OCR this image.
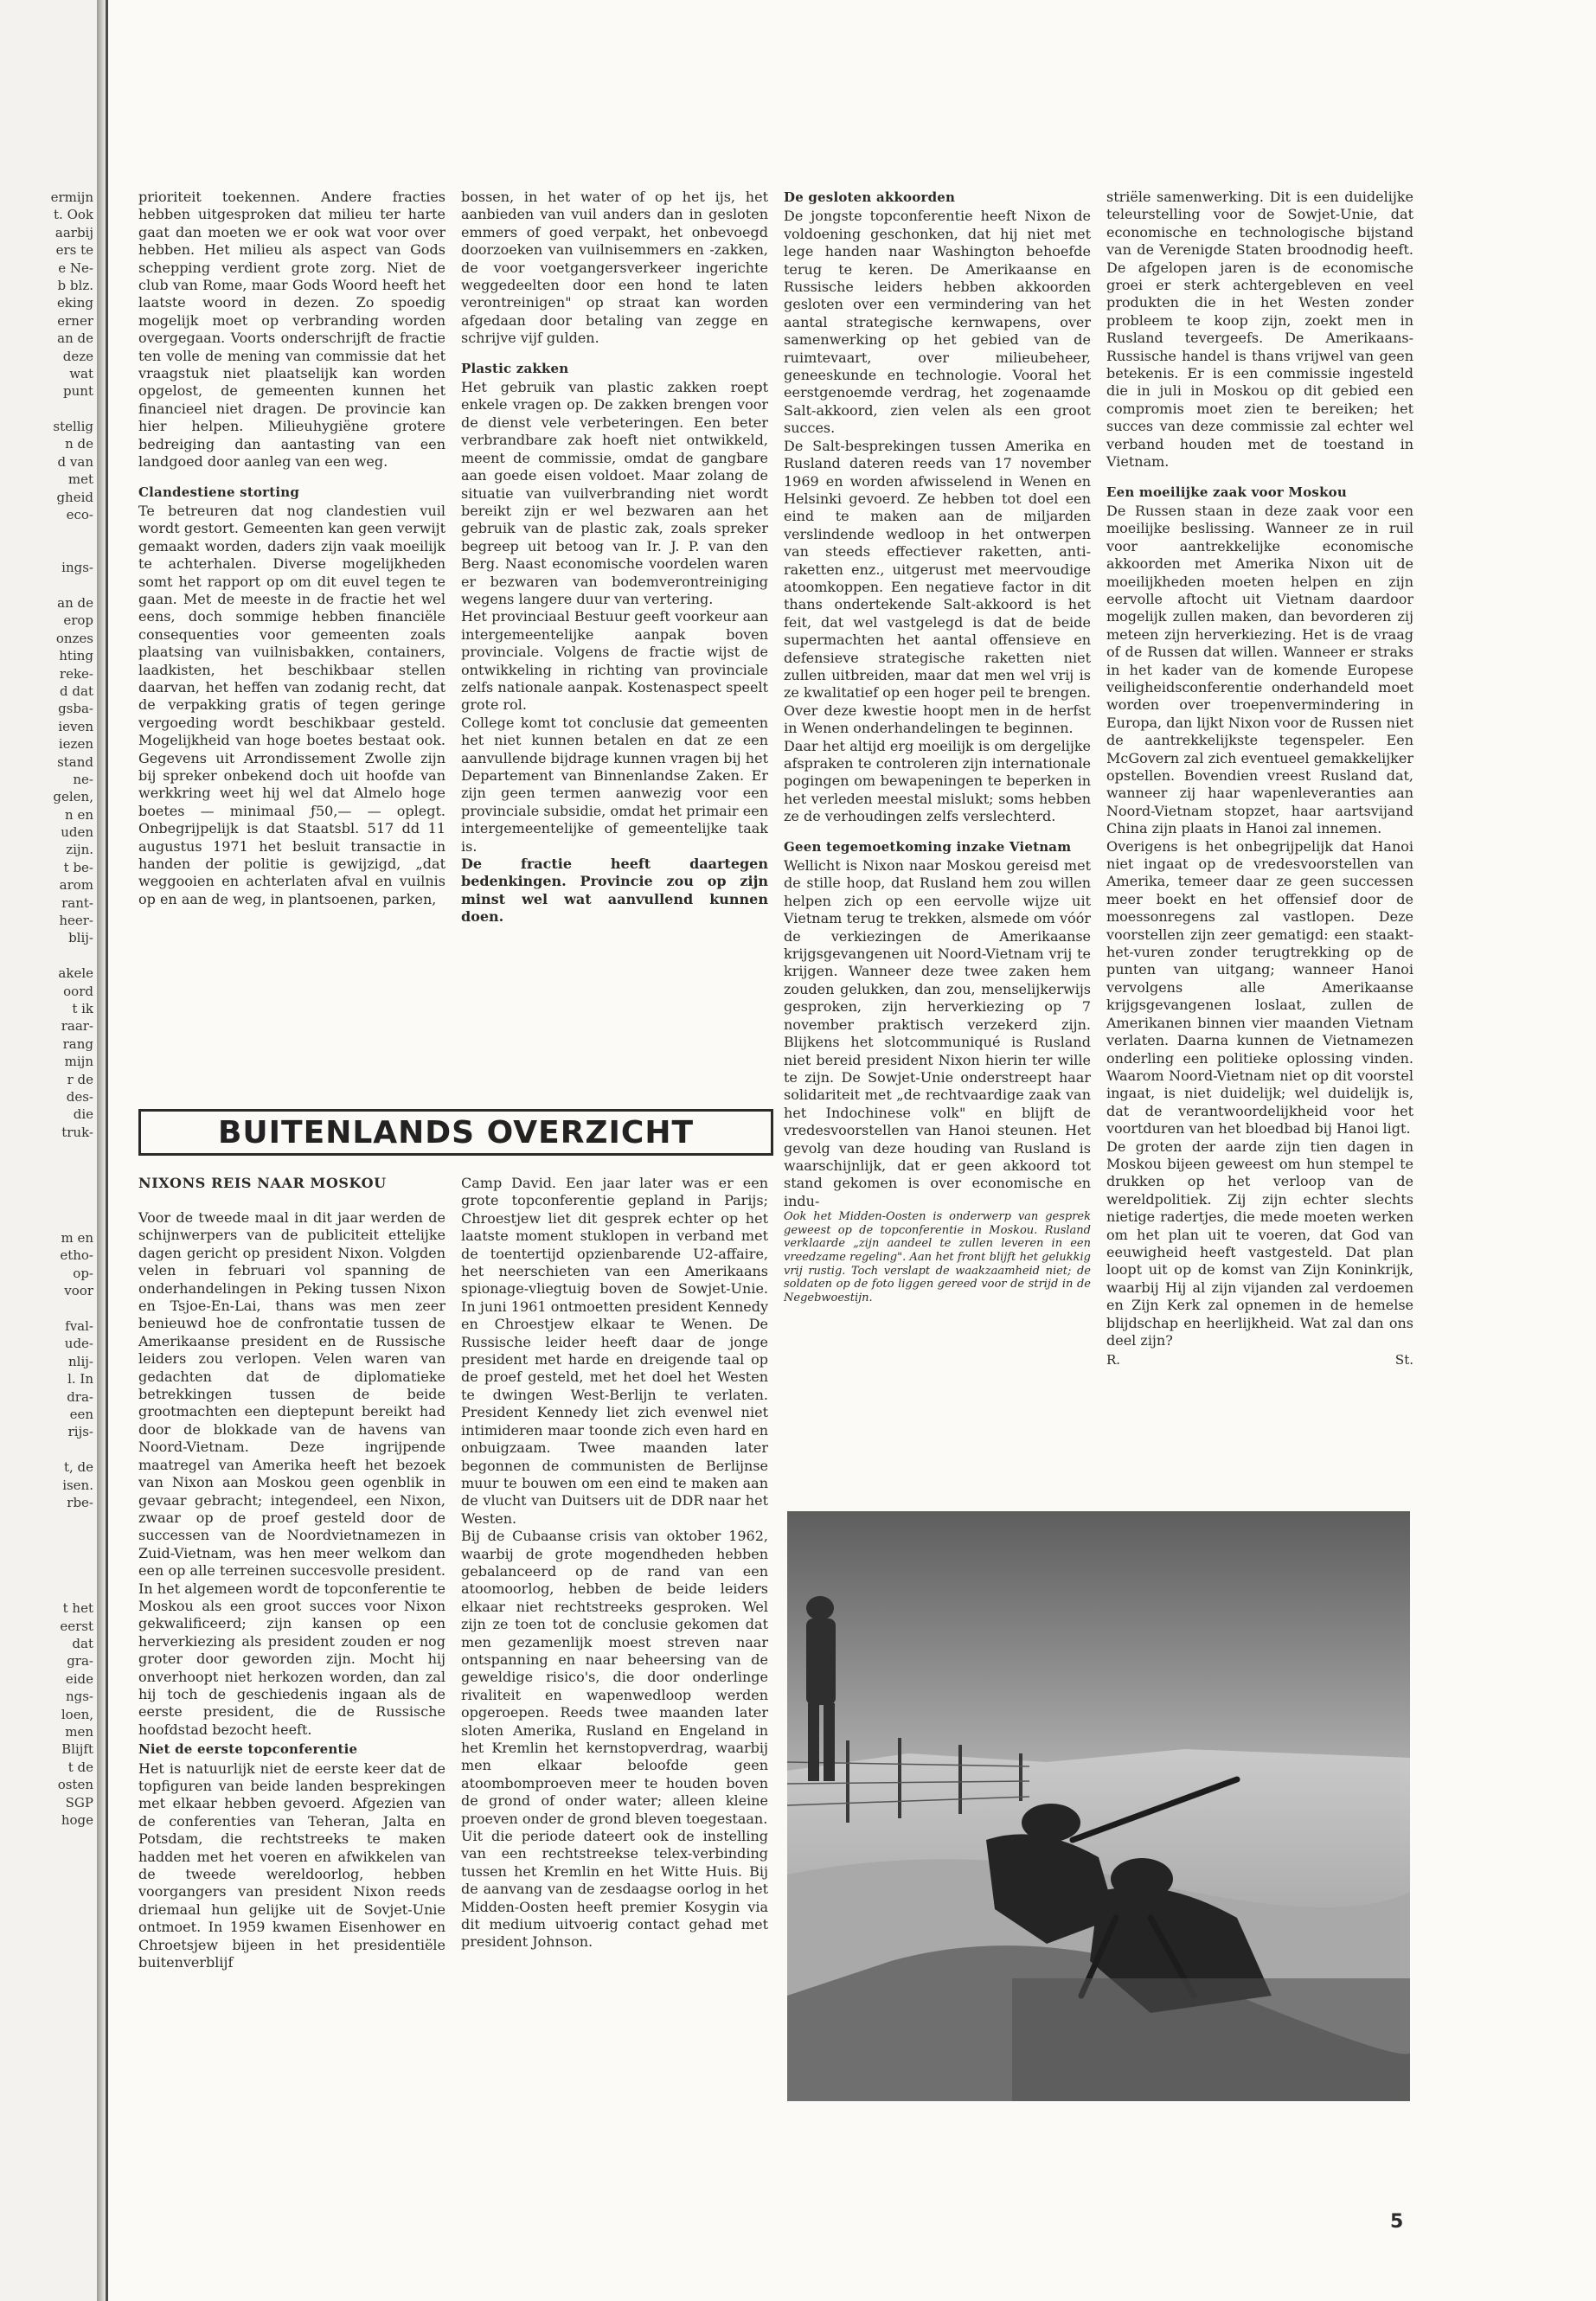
ermijn
t. Ook
aarbij
ers te
e Ne-
b blz.
eking
erner
an de
deze
wat
punt
stellig
n de
d van
met
gheid
eco-
ings-
an de
erop
onzes
hting
reke-
d dat
gsba-
ieven
iezen
stand
ne-
gelen,
n en
uden
zijn.
t be-
arom
rant-
heer-
blij-
akele
oord
t ik
raar-
rang
mijn
r de
des-
die
truk-
m en
etho-
op-
voor
fval-
ude-
nlij-
l. In
dra-
een
rijs-
t, de
isen.
rbe-
t het
eerst
dat
gra-
eide
ngs-
loen,
men
Blijft
t de
osten
SGP
hoge

prioriteit toekennen. Andere fracties hebben uitgesproken dat milieu ter harte gaat dan moeten we er ook wat voor over hebben. Het milieu als aspect van Gods schepping verdient grote zorg. Niet de club van Rome, maar Gods Woord heeft het laatste woord in dezen. Zo spoedig mogelijk moet op verbranding worden overgegaan. Voorts onderschrijft de fractie ten volle de mening van commissie dat het vraagstuk niet plaatselijk kan worden opgelost, de gemeenten kunnen het financieel niet dragen. De provincie kan hier helpen. Milieuhygiëne grotere bedreiging dan aantasting van een landgoed door aanleg van een weg.

Clandestiene storting

Te betreuren dat nog clandestien vuil wordt gestort. Gemeenten kan geen verwijt gemaakt worden, daders zijn vaak moeilijk te achterhalen. Diverse mogelijkheden somt het rapport op om dit euvel tegen te gaan. Met de meeste in de fractie het wel eens, doch sommige hebben financiële consequenties voor gemeenten zoals plaatsing van vuilnisbakken, containers, laadkisten, het beschikbaar stellen daarvan, het heffen van zodanig recht, dat de verpakking gratis of tegen geringe vergoeding wordt beschikbaar gesteld. Mogelijkheid van hoge boetes bestaat ook. Gegevens uit Arrondissement Zwolle zijn bij spreker onbekend doch uit hoofde van werkkring weet hij wel dat Almelo hoge boetes — minimaal ƒ50,— — oplegt. Onbegrijpelijk is dat Staatsbl. 517 dd 11 augustus 1971 het besluit transactie in handen der politie is gewijzigd, „dat weggooien en achterlaten afval en vuilnis op en aan de weg, in plantsoenen, parken,

bossen, in het water of op het ijs, het aanbieden van vuil anders dan in gesloten emmers of goed verpakt, het onbevoegd doorzoeken van vuilnisemmers en -zakken, de voor voetgangersverkeer ingerichte weggedeelten door een hond te laten verontreinigen" op straat kan worden afgedaan door betaling van zegge en schrijve vijf gulden.

Plastic zakken

Het gebruik van plastic zakken roept enkele vragen op. De zakken brengen voor de dienst vele verbeteringen. Een beter verbrandbare zak hoeft niet ontwikkeld, meent de commissie, omdat de gangbare aan goede eisen voldoet. Maar zolang de situatie van vuilverbranding niet wordt bereikt zijn er wel bezwaren aan het gebruik van de plastic zak, zoals spreker begreep uit betoog van Ir. J. P. van den Berg. Naast economische voordelen waren er bezwaren van bodemverontreiniging wegens langere duur van vertering.

Het provinciaal Bestuur geeft voorkeur aan intergemeentelijke aanpak boven provinciale. Volgens de fractie wijst de ontwikkeling in richting van provinciale zelfs nationale aanpak. Kostenaspect speelt grote rol.

College komt tot conclusie dat gemeenten het niet kunnen betalen en dat ze een aanvullende bijdrage kunnen vragen bij het Departement van Binnenlandse Zaken. Er zijn geen termen aanwezig voor een provinciale subsidie, omdat het primair een intergemeentelijke of gemeentelijke taak is.

De fractie heeft daartegen bedenkingen. Provincie zou op zijn minst wel wat aanvullend kunnen doen.

De gesloten akkoorden

De jongste topconferentie heeft Nixon de voldoening geschonken, dat hij niet met lege handen naar Washington behoefde terug te keren. De Amerikaanse en Russische leiders hebben akkoorden gesloten over een vermindering van het aantal strategische kernwapens, over samenwerking op het gebied van de ruimtevaart, over milieubeheer, geneeskunde en technologie. Vooral het eerstgenoemde verdrag, het zogenaamde Salt-akkoord, zien velen als een groot succes.

De Salt-besprekingen tussen Amerika en Rusland dateren reeds van 17 november 1969 en worden afwisselend in Wenen en Helsinki gevoerd. Ze hebben tot doel een eind te maken aan de miljarden verslindende wedloop in het ontwerpen van steeds effectiever raketten, anti-raketten enz., uitgerust met meervoudige atoomkoppen. Een negatieve factor in dit thans ondertekende Salt-akkoord is het feit, dat wel vastgelegd is dat de beide supermachten het aantal offensieve en defensieve strategische raketten niet zullen uitbreiden, maar dat men wel vrij is ze kwalitatief op een hoger peil te brengen. Over deze kwestie hoopt men in de herfst in Wenen onderhandelingen te beginnen.

Daar het altijd erg moeilijk is om dergelijke afspraken te controleren zijn internationale pogingen om bewapeningen te beperken in het verleden meestal mislukt; soms hebben ze de verhoudingen zelfs verslechterd.

Geen tegemoetkoming inzake Vietnam

Wellicht is Nixon naar Moskou gereisd met de stille hoop, dat Rusland hem zou willen helpen zich op een eervolle wijze uit Vietnam terug te trekken, alsmede om vóór de verkiezingen de Amerikaanse krijgsgevangenen uit Noord-Vietnam vrij te krijgen. Wanneer deze twee zaken hem zouden gelukken, dan zou, menselijkerwijs gesproken, zijn herverkiezing op 7 november praktisch verzekerd zijn. Blijkens het slotcommuniqué is Rusland niet bereid president Nixon hierin ter wille te zijn. De Sowjet-Unie onderstreept haar solidariteit met „de rechtvaardige zaak van het Indochinese volk" en blijft de vredesvoorstellen van Hanoi steunen. Het gevolg van deze houding van Rusland is waarschijnlijk, dat er geen akkoord tot stand gekomen is over economische en indu-

Ook het Midden-Oosten is onderwerp van gesprek geweest op de topconferentie in Moskou. Rusland verklaarde „zijn aandeel te zullen leveren in een vreedzame regeling". Aan het front blijft het gelukkig vrij rustig. Toch verslapt de waakzaamheid niet; de soldaten op de foto liggen gereed voor de strijd in de Negebwoestijn.

striële samenwerking. Dit is een duidelijke teleurstelling voor de Sowjet-Unie, dat economische en technologische bijstand van de Verenigde Staten broodnodig heeft. De afgelopen jaren is de economische groei er sterk achtergebleven en veel produkten die in het Westen zonder probleem te koop zijn, zoekt men in Rusland tevergeefs. De Amerikaans-Russische handel is thans vrijwel van geen betekenis. Er is een commissie ingesteld die in juli in Moskou op dit gebied een compromis moet zien te bereiken; het succes van deze commissie zal echter wel verband houden met de toestand in Vietnam.

Een moeilijke zaak voor Moskou

De Russen staan in deze zaak voor een moeilijke beslissing. Wanneer ze in ruil voor aantrekkelijke economische akkoorden met Amerika Nixon uit de moeilijkheden moeten helpen en zijn eervolle aftocht uit Vietnam daardoor mogelijk zullen maken, dan bevorderen zij meteen zijn herverkiezing. Het is de vraag of de Russen dat willen. Wanneer er straks in het kader van de komende Europese veiligheidsconferentie onderhandeld moet worden over troepenvermindering in Europa, dan lijkt Nixon voor de Russen niet de aantrekkelijkste tegenspeler. Een McGovern zal zich eventueel gemakkelijker opstellen. Bovendien vreest Rusland dat, wanneer zij haar wapenleveranties aan Noord-Vietnam stopzet, haar aartsvijand China zijn plaats in Hanoi zal innemen.

Overigens is het onbegrijpelijk dat Hanoi niet ingaat op de vredesvoorstellen van Amerika, temeer daar ze geen successen meer boekt en het offensief door de moessonregens zal vastlopen. Deze voorstellen zijn zeer gematigd: een staakt-het-vuren zonder terugtrekking op de punten van uitgang; wanneer Hanoi vervolgens alle Amerikaanse krijgsgevangenen loslaat, zullen de Amerikanen binnen vier maanden Vietnam verlaten. Daarna kunnen de Vietnamezen onderling een politieke oplossing vinden. Waarom Noord-Vietnam niet op dit voorstel ingaat, is niet duidelijk; wel duidelijk is, dat de verantwoordelijkheid voor het voortduren van het bloedbad bij Hanoi ligt.

De groten der aarde zijn tien dagen in Moskou bijeen geweest om hun stempel te drukken op het verloop van de wereldpolitiek. Zij zijn echter slechts nietige radertjes, die mede moeten werken om het plan uit te voeren, dat God van eeuwigheid heeft vastgesteld. Dat plan loopt uit op de komst van Zijn Koninkrijk, waarbij Hij al zijn vijanden zal verdoemen en Zijn Kerk zal opnemen in de hemelse blijdschap en heerlijkheid. Wat zal dan ons deel zijn?

R.	St.
BUITENLANDS OVERZICHT
NIXONS REIS NAAR MOSKOU

Voor de tweede maal in dit jaar werden de schijnwerpers van de publiciteit ettelijke dagen gericht op president Nixon. Volgden velen in februari vol spanning de onderhandelingen in Peking tussen Nixon en Tsjoe-En-Lai, thans was men zeer benieuwd hoe de confrontatie tussen de Amerikaanse president en de Russische leiders zou verlopen. Velen waren van gedachten dat de diplomatieke betrekkingen tussen de beide grootmachten een dieptepunt bereikt had door de blokkade van de havens van Noord-Vietnam. Deze ingrijpende maatregel van Amerika heeft het bezoek van Nixon aan Moskou geen ogenblik in gevaar gebracht; integendeel, een Nixon, zwaar op de proef gesteld door de successen van de Noordvietnamezen in Zuid-Vietnam, was hen meer welkom dan een op alle terreinen succesvolle president. In het algemeen wordt de topconferentie te Moskou als een groot succes voor Nixon gekwalificeerd; zijn kansen op een herverkiezing als president zouden er nog groter door geworden zijn. Mocht hij onverhoopt niet herkozen worden, dan zal hij toch de geschiedenis ingaan als de eerste president, die de Russische hoofdstad bezocht heeft.

Niet de eerste topconferentie

Het is natuurlijk niet de eerste keer dat de topfiguren van beide landen besprekingen met elkaar hebben gevoerd. Afgezien van de conferenties van Teheran, Jalta en Potsdam, die rechtstreeks te maken hadden met het voeren en afwikkelen van de tweede wereldoorlog, hebben voorgangers van president Nixon reeds driemaal hun gelijke uit de Sovjet-Unie ontmoet. In 1959 kwamen Eisenhower en Chroetsjew bijeen in het presidentiële buitenverblijf

Camp David. Een jaar later was er een grote topconferentie gepland in Parijs; Chroestjew liet dit gesprek echter op het laatste moment stuklopen in verband met de toentertijd opzienbarende U2-affaire, het neerschieten van een Amerikaans spionage-vliegtuig boven de Sowjet-Unie. In juni 1961 ontmoetten president Kennedy en Chroestjew elkaar te Wenen. De Russische leider heeft daar de jonge president met harde en dreigende taal op de proef gesteld, met het doel het Westen te dwingen West-Berlijn te verlaten. President Kennedy liet zich evenwel niet intimideren maar toonde zich even hard en onbuigzaam. Twee maanden later begonnen de communisten de Berlijnse muur te bouwen om een eind te maken aan de vlucht van Duitsers uit de DDR naar het Westen.

Bij de Cubaanse crisis van oktober 1962, waarbij de grote mogendheden hebben gebalanceerd op de rand van een atoomoorlog, hebben de beide leiders elkaar niet rechtstreeks gesproken. Wel zijn ze toen tot de conclusie gekomen dat men gezamenlijk moest streven naar ontspanning en naar beheersing van de geweldige risico's, die door onderlinge rivaliteit en wapenwedloop werden opgeroepen. Reeds twee maanden later sloten Amerika, Rusland en Engeland in het Kremlin het kernstopverdrag, waarbij men elkaar beloofde geen atoombomproeven meer te houden boven de grond of onder water; alleen kleine proeven onder de grond bleven toegestaan.

Uit die periode dateert ook de instelling van een rechtstreekse telex-verbinding tussen het Kremlin en het Witte Huis. Bij de aanvang van de zesdaagse oorlog in het Midden-Oosten heeft premier Kosygin via dit medium uitvoerig contact gehad met president Johnson.

5
